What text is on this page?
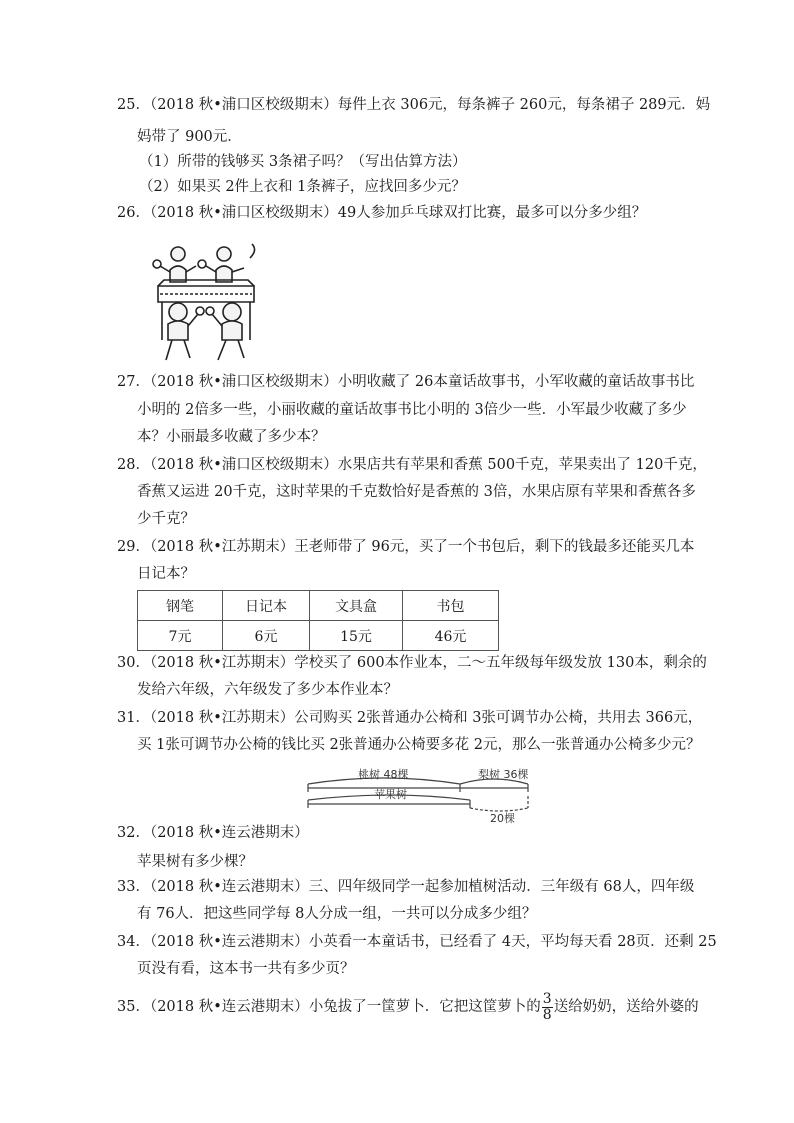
25．（2018 秋•浦口区校级期末）每件上衣 306元，每条裤子 260元，每条裙子 289元．妈
妈带了 900元．
（1）所带的钱够买 3条裙子吗？（写出估算方法）
（2）如果买 2件上衣和 1条裤子，应找回多少元？
26．（2018 秋•浦口区校级期末）49人参加乒乓球双打比赛，最多可以分多少组？
27．（2018 秋•浦口区校级期末）小明收藏了 26本童话故事书，小军收藏的童话故事书比
小明的 2倍多一些，小丽收藏的童话故事书比小明的 3倍少一些．小军最少收藏了多少
本？小丽最多收藏了多少本？
28．（2018 秋•浦口区校级期末）水果店共有苹果和香蕉 500千克，苹果卖出了 120千克，
香蕉又运进 20千克，这时苹果的千克数恰好是香蕉的 3倍，水果店原有苹果和香蕉各多
少千克？
29．（2018 秋•江苏期末）王老师带了 96元，买了一个书包后，剩下的钱最多还能买几本
日记本？
钢笔	日记本	文具盒	书包
7元	6元	15元	46元
30．（2018 秋•江苏期末）学校买了 600本作业本，二～五年级每年级发放 130本，剩余的
发给六年级，六年级发了多少本作业本？
31．（2018 秋•江苏期末）公司购买 2张普通办公椅和 3张可调节办公椅，共用去 366元，
买 1张可调节办公椅的钱比买 2张普通办公椅要多花 2元，那么一张普通办公椅多少元？
桃树 48棵	梨树 36棵
苹果树
20棵
32．（2018 秋•连云港期末）
苹果树有多少棵？
33．（2018 秋•连云港期末）三、四年级同学一起参加植树活动．三年级有 68人，四年级
有 76人．把这些同学每 8人分成一组，一共可以分成多少组？
34．（2018 秋•连云港期末）小英看一本童话书，已经看了 4天，平均每天看 28页．还剩 25
页没有看，这本书一共有多少页？
35．（2018 秋•连云港期末）小兔拔了一筐萝卜．它把这筐萝卜的 $\frac{3}{8}$ 送给奶奶，送给外婆的
